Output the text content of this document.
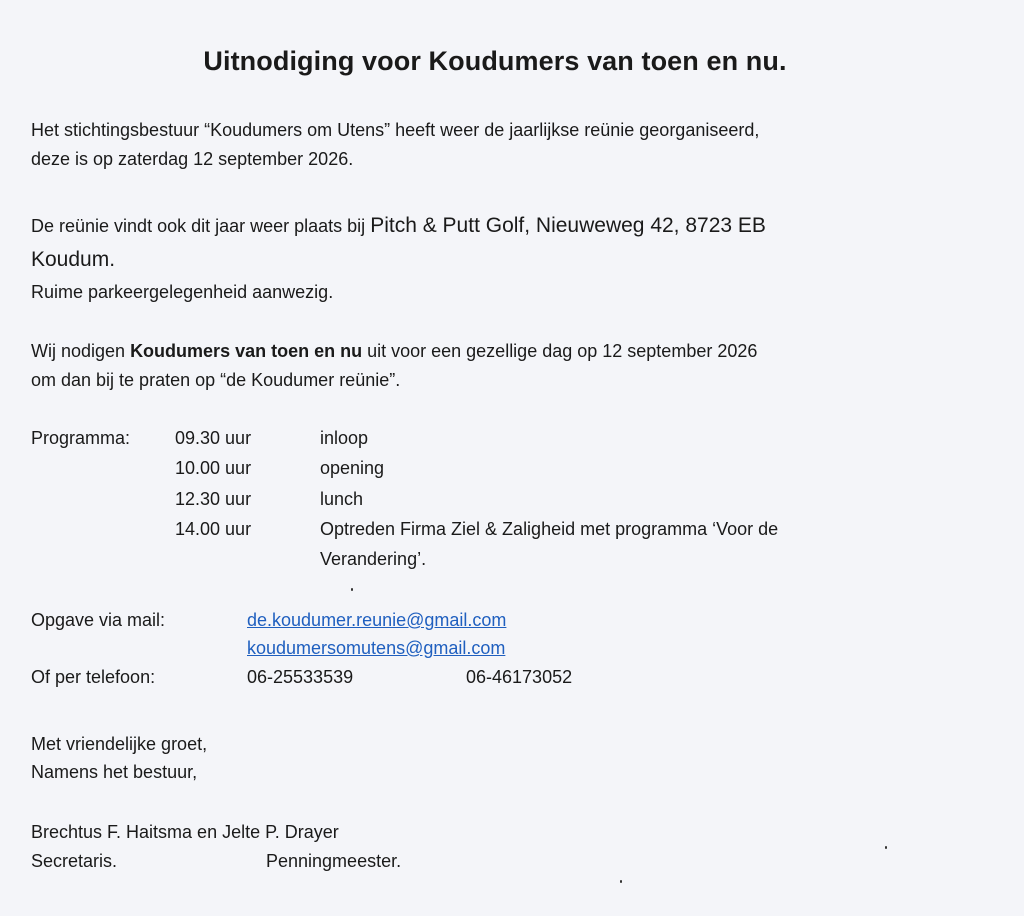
Uitnodiging voor Koudumers van toen en nu.
Het stichtingsbestuur “Koudumers om Utens” heeft weer de jaarlijkse reünie georganiseerd,
deze is op zaterdag 12 september 2026.
De reünie vindt ook dit jaar weer plaats bij Pitch & Putt Golf, Nieuweweg 42, 8723 EB
Koudum.
Ruime parkeergelegenheid aanwezig.
Wij nodigen Koudumers van toen en nu uit voor een gezellige dag op 12 september 2026
om dan bij te praten op “de Koudumer reünie”.
Programma: 09.30 uur	inloop
10.00 uur	opening
12.30 uur	lunch
14.00 uur	Optreden Firma Ziel & Zaligheid met programma ‘Voor de
Verandering’.
Opgave via mail:	de.koudumer.reunie@gmail.com
koudumersomutens@gmail.com
Of per telefoon:	06-25533539	06-46173052
Met vriendelijke groet,
Namens het bestuur,
Brechtus F. Haitsma en Jelte P. Drayer
Secretaris.	Penningmeester.
